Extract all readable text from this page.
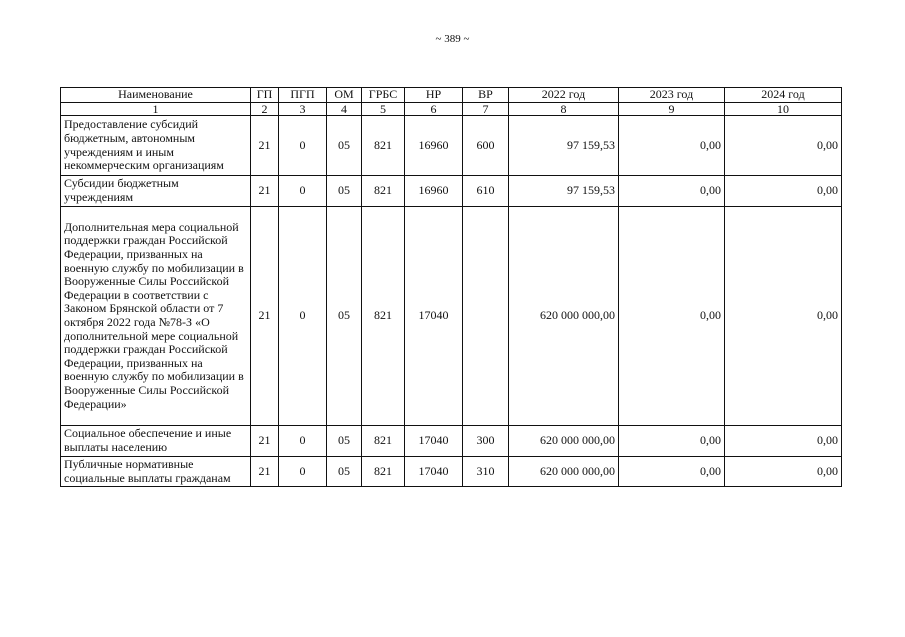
~ 389 ~
Наименование	ГП	ПГП	ОМ	ГРБС	НР	ВР	2022 год	2023 год	2024 год
1	2	3	4	5	6	7	8	9	10
Предоставление субсидий бюджетным, автономным учреждениям и иным некоммерческим организациям	21	0	05	821	16960	600	97 159,53	0,00	0,00
Субсидии бюджетным учреждениям	21	0	05	821	16960	610	97 159,53	0,00	0,00
Дополнительная мера социальной поддержки граждан Российской Федерации, призванных на военную службу по мобилизации в Вооруженные Силы Российской Федерации в соответствии с Законом Брянской области от 7 октября 2022 года №78-З «О дополнительной мере социальной поддержки граждан Российской Федерации, призванных на военную службу по мобилизации в Вооруженные Силы Российской Федерации»	21	0	05	821	17040		620 000 000,00	0,00	0,00
Социальное обеспечение и иные выплаты населению	21	0	05	821	17040	300	620 000 000,00	0,00	0,00
Публичные нормативные социальные выплаты гражданам	21	0	05	821	17040	310	620 000 000,00	0,00	0,00
